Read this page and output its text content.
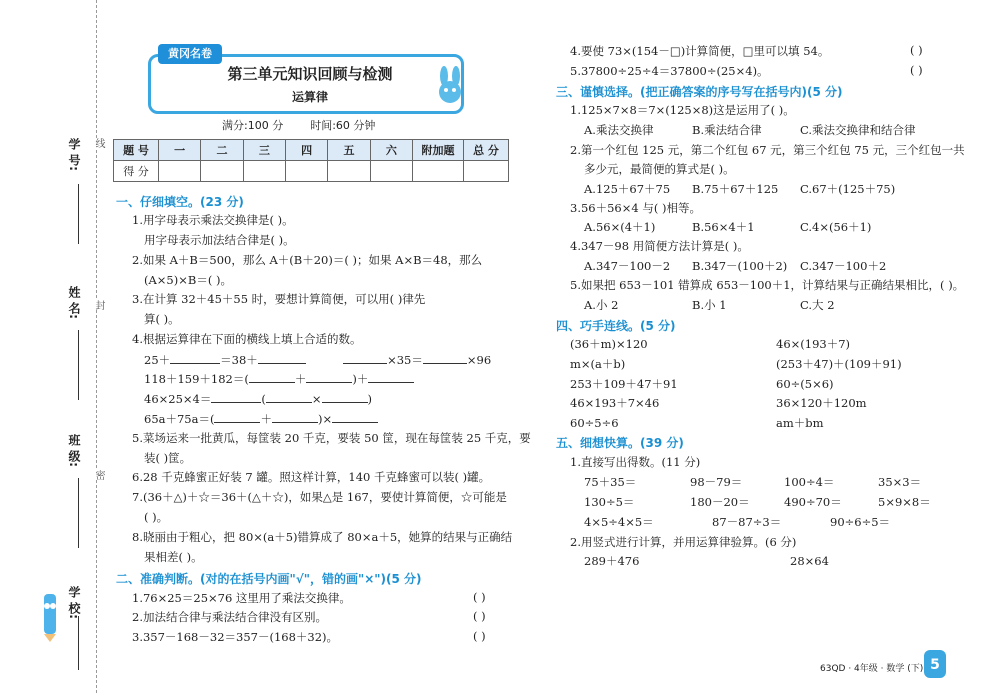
学 号:
姓 名:
班 级:
学 校:
线
封
密
黄冈名卷
第三单元知识回顾与检测
运算律
满分:100 分 时间:60 分钟
题 号	一	二	三	四	五	六	附加题	总 分
得 分								
一、仔细填空。(23 分)
1.用字母表示乘法交换律是( )。
用字母表示加法结合律是( )。
2.如果 A＋B＝500，那么 A＋(B＋20)＝( )；如果 A×B＝48，那么
(A×5)×B＝( )。
3.在计算 32＋45＋55 时，要想计算简便，可以用( )律先
算( )。
4.根据运算律在下面的横线上填上合适的数。
25＋	＝38＋	×35＝	×96
118＋159＋182＝(	＋	)＋
46×25×4＝	(	×	)
65a＋75a＝(	＋	)×
5.菜场运来一批黄瓜，每筐装 20 千克，要装 50 筐，现在每筐装 25 千克，要
装( )筐。
6.28 千克蜂蜜正好装 7 罐。照这样计算，140 千克蜂蜜可以装( )罐。
7.(36＋△)＋☆＝36＋(△＋☆)，如果△是 167，要使计算简便，☆可能是
( )。
8.晓丽由于粗心，把 80×(a＋5)错算成了 80×a＋5，她算的结果与正确结
果相差( )。
二、准确判断。(对的在括号内画"√"，错的画"×")(5 分)
1.76×25＝25×76 这里用了乘法交换律。	( )
2.加法结合律与乘法结合律没有区别。	( )
3.357－168－32＝357－(168＋32)。	( )
4.要使 73×(154－□)计算简便，□里可以填 54。	( )
5.37800÷25÷4＝37800÷(25×4)。	( )
三、谨慎选择。(把正确答案的序号写在括号内)(5 分)
1.125×7×8＝7×(125×8)这是运用了( )。
A.乘法交换律	B.乘法结合律	C.乘法交换律和结合律
2.第一个红包 125 元，第二个红包 67 元，第三个红包 75 元，三个红包一共
多少元，最简便的算式是( )。
A.125＋67＋75 B.75＋67＋125 C.67＋(125＋75)
3.56＋56×4 与( )相等。
A.56×(4＋1)	B.56×4＋1	C.4×(56＋1)
4.347－98 用简便方法计算是( )。
A.347－100－2 B.347－(100＋2) C.347－100＋2
5.如果把 653－101 错算成 653－100＋1，计算结果与正确结果相比，( )。
A.小 2	B.小 1	C.大 2
四、巧手连线。(5 分)
(36＋m)×120	46×(193＋7)
m×(a＋b)	(253＋47)＋(109＋91)
253＋109＋47＋91	60÷(5×6)
46×193＋7×46	36×120＋120m
60÷5÷6	am＋bm
五、细想快算。(39 分)
1.直接写出得数。(11 分)
75＋35＝	98－79＝	100÷4＝	35×3＝
130÷5＝	180－20＝	490÷70＝	5×9×8＝
4×5÷4×5＝	87－87÷3＝	90÷6÷5＝
2.用竖式进行计算，并用运算律验算。(6 分)
289＋476	28×64
63QD · 4年级 · 数学 (下) 5
